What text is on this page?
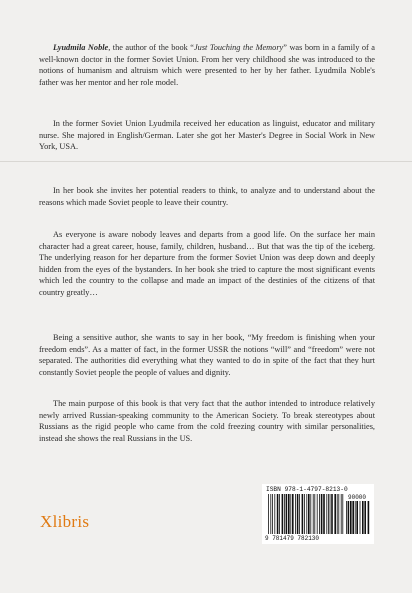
Lyudmila Noble, the author of the book “Just Touching the Memory” was born in a family of a well-known doctor in the former Soviet Union. From her very childhood she was introduced to the notions of humanism and altruism which were presented to her by her father. Lyudmila Noble's father was her mentor and her role model.

In the former Soviet Union Lyudmila received her education as linguist, educator and military nurse. She majored in English/German. Later she got her Master's Degree in Social Work in New York, USA.

In her book she invites her potential readers to think, to analyze and to understand about the reasons which made Soviet people to leave their country.

As everyone is aware nobody leaves and departs from a good life. On the surface her main character had a great career, house, family, children, husband… But that was the tip of the iceberg. The underlying reason for her departure from the former Soviet Union was deep down and deeply hidden from the eyes of the bystanders. In her book she tried to capture the most significant events which led the country to the collapse and made an impact of the destinies of the citizens of that country greatly…

Being a sensitive author, she wants to say in her book, “My freedom is finishing when your freedom ends”. As a matter of fact, in the former USSR the notions “will” and “freedom” were not separated. The authorities did everything what they wanted to do in spite of the fact that they hurt constantly Soviet people the people of values and dignity.

The main purpose of this book is that very fact that the author intended to introduce relatively newly arrived Russian-speaking community to the American Society. To break stereotypes about Russians as the rigid people who came from the cold freezing country with similar personalities, instead she shows the real Russians in the US.

Xlibris
ISBN 978-1-4797-8213-0
90000
9 781479 782130
